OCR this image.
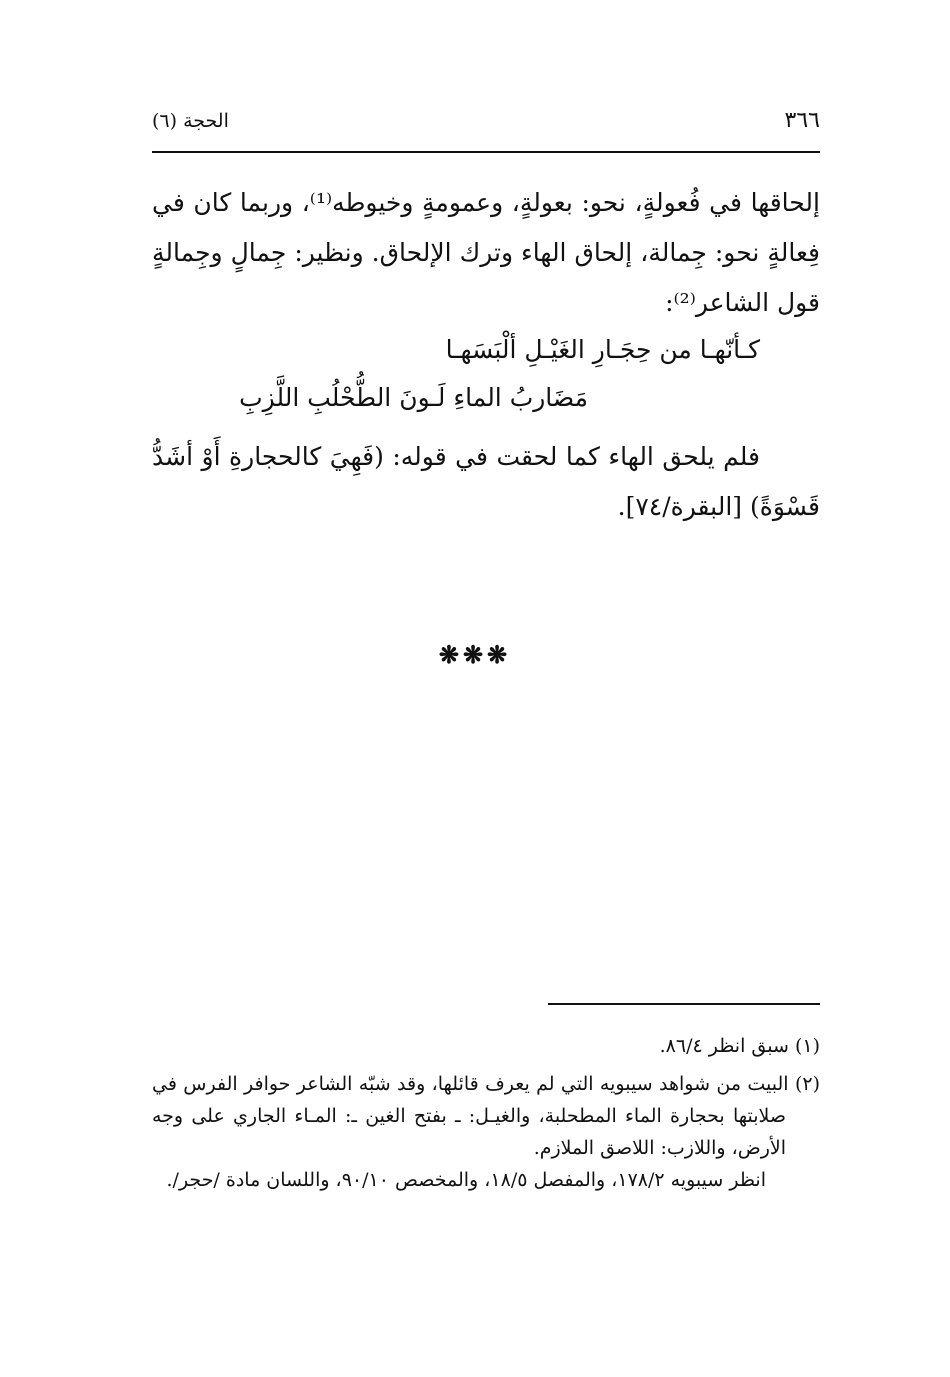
٣٦٦
الحجة (٦)

إلحاقها في فُعولةٍ، نحو: بعولةٍ، وعمومةٍ وخيوطه⁽¹⁾، وربما كان في فِعالةٍ نحو: جِمالة، إلحاق الهاء وترك الإلحاق. ونظير: جِمالٍ وجِمالةٍ قول الشاعر⁽²⁾:

كـأنّهـا من حِجَـارِ الغَيْـلِ ألْبَسَهـا
مَضَاربُ الماءِ لَـونَ الطُّحْلُبِ اللَّزِبِ

فلم يلحق الهاء كما لحقت في قوله: (فَهِيَ كالحجارةِ أَوْ أشَدُّ قَسْوَةً) [البقرة/٧٤].

❋❋❋

(١) سبق انظر ٨٦/٤.

(٢) البيت من شواهد سيبويه التي لم يعرف قائلها، وقد شبّه الشاعر حوافر الفرس في صلابتها بحجارة الماء المطحلبة، والغيـل: ـ بفتح الغين ـ: المـاء الجاري على وجه الأرض، واللازب: اللاصق الملازم.
انظر سيبويه ١٧٨/٢، والمفصل ١٨/٥، والمخصص ٩٠/١٠، واللسان مادة /حجر/.
